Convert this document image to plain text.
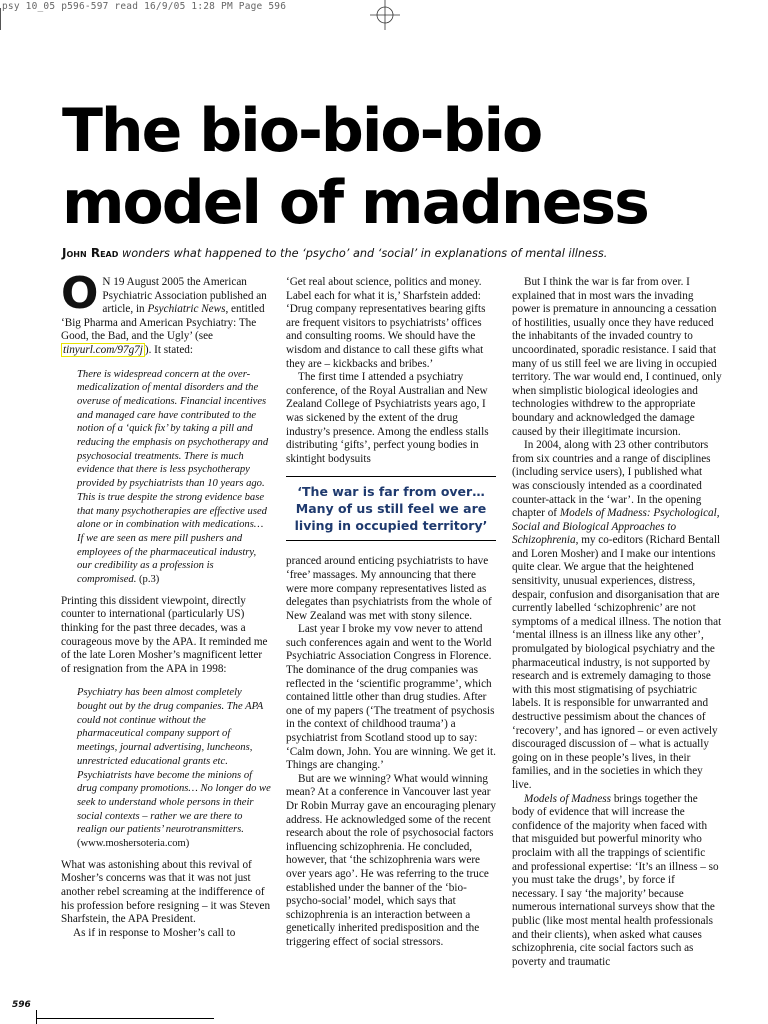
psy 10_05 p596-597 read 16/9/05 1:28 PM Page 596
The bio-bio-bio
model of madness
John Read wonders what happened to the ‘psycho’ and ‘social’ in explanations of mental illness.

O N 19 August 2005 the American Psychiatric Association published an article, in Psychiatric News, entitled ‘Big Pharma and American Psychiatry: The Good, the Bad, and the Ugly’ (see tinyurl.com/97g7j ). It stated:

There is widespread concern at the over-medicalization of mental disorders and the overuse of medications. Financial incentives and managed care have contributed to the notion of a ‘quick fix’ by taking a pill and reducing the emphasis on psychotherapy and psychosocial treatments. There is much evidence that there is less psychotherapy provided by psychiatrists than 10 years ago. This is true despite the strong evidence base that many psychotherapies are effective used alone or in combination with medications… If we are seen as mere pill pushers and employees of the pharmaceutical industry, our credibility as a profession is compromised. (p.3)

Printing this dissident viewpoint, directly counter to international (particularly US) thinking for the past three decades, was a courageous move by the APA. It reminded me of the late Loren Mosher’s magnificent letter of resignation from the APA in 1998:

Psychiatry has been almost completely bought out by the drug companies. The APA could not continue without the pharmaceutical company support of meetings, journal advertising, luncheons, unrestricted educational grants etc. Psychiatrists have become the minions of drug company promotions… No longer do we seek to understand whole persons in their social contexts – rather we are there to realign our patients’ neurotransmitters. (www.moshersoteria.com)

What was astonishing about this revival of Mosher’s concerns was that it was not just another rebel screaming at the indifference of his profession before resigning – it was Steven Sharfstein, the APA President.

As if in response to Mosher’s call to

‘Get real about science, politics and money. Label each for what it is,’ Sharfstein added: ‘Drug company representatives bearing gifts are frequent visitors to psychiatrists’ offices and consulting rooms. We should have the wisdom and distance to call these gifts what they are – kickbacks and bribes.’

The first time I attended a psychiatry conference, of the Royal Australian and New Zealand College of Psychiatrists years ago, I was sickened by the extent of the drug industry’s presence. Among the endless stalls distributing ‘gifts’, perfect young bodies in skintight bodysuits

‘The war is far from over… Many of us still feel we are living in occupied territory’

pranced around enticing psychiatrists to have ‘free’ massages. My announcing that there were more company representatives listed as delegates than psychiatrists from the whole of New Zealand was met with stony silence.

Last year I broke my vow never to attend such conferences again and went to the World Psychiatric Association Congress in Florence. The dominance of the drug companies was reflected in the ‘scientific programme’, which contained little other than drug studies. After one of my papers (‘The treatment of psychosis in the context of childhood trauma’) a psychiatrist from Scotland stood up to say: ‘Calm down, John. You are winning. We get it. Things are changing.’

But are we winning? What would winning mean? At a conference in Vancouver last year Dr Robin Murray gave an encouraging plenary address. He acknowledged some of the recent research about the role of psychosocial factors influencing schizophrenia. He concluded, however, that ‘the schizophrenia wars were over years ago’. He was referring to the truce established under the banner of the ‘bio-psycho-social’ model, which says that schizophrenia is an interaction between a genetically inherited predisposition and the triggering effect of social stressors.

But I think the war is far from over. I explained that in most wars the invading power is premature in announcing a cessation of hostilities, usually once they have reduced the inhabitants of the invaded country to uncoordinated, sporadic resistance. I said that many of us still feel we are living in occupied territory. The war would end, I continued, only when simplistic biological ideologies and technologies withdrew to the appropriate boundary and acknowledged the damage caused by their illegitimate incursion.

In 2004, along with 23 other contributors from six countries and a range of disciplines (including service users), I published what was consciously intended as a coordinated counter-attack in the ‘war’. In the opening chapter of Models of Madness: Psychological, Social and Biological Approaches to Schizophrenia, my co-editors (Richard Bentall and Loren Mosher) and I make our intentions quite clear. We argue that the heightened sensitivity, unusual experiences, distress, despair, confusion and disorganisation that are currently labelled ‘schizophrenic’ are not symptoms of a medical illness. The notion that ‘mental illness is an illness like any other’, promulgated by biological psychiatry and the pharmaceutical industry, is not supported by research and is extremely damaging to those with this most stigmatising of psychiatric labels. It is responsible for unwarranted and destructive pessimism about the chances of ‘recovery’, and has ignored – or even actively discouraged discussion of – what is actually going on in these people’s lives, in their families, and in the societies in which they live.

Models of Madness brings together the body of evidence that will increase the confidence of the majority when faced with that misguided but powerful minority who proclaim with all the trappings of scientific and professional expertise: ‘It’s an illness – so you must take the drugs’, by force if necessary. I say ‘the majority’ because numerous international surveys show that the public (like most mental health professionals and their clients), when asked what causes schizophrenia, cite social factors such as poverty and traumatic

596
